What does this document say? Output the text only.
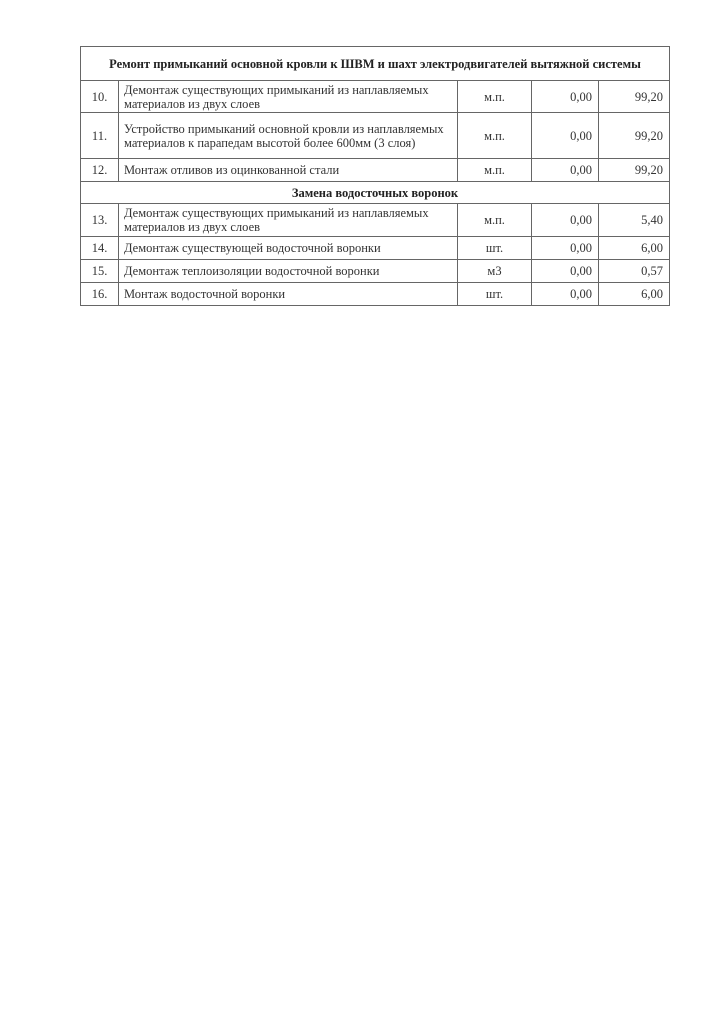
Ремонт примыканий основной кровли к ШВМ и шахт электродвигателей вытяжной системы				
10.	Демонтаж существующих примыканий из наплавляемых материалов из двух слоев	м.п.	0,00	99,20
11.	Устройство примыканий основной кровли из наплавляемых материалов к парапедам высотой более 600мм (3 слоя)	м.п.	0,00	99,20
12.	Монтаж отливов из оцинкованной стали	м.п.	0,00	99,20
Замена водосточных воронок				
13.	Демонтаж существующих примыканий из наплавляемых материалов из двух слоев	м.п.	0,00	5,40
14.	Демонтаж существующей водосточной воронки	шт.	0,00	6,00
15.	Демонтаж теплоизоляции водосточной воронки	м3	0,00	0,57
16.	Монтаж водосточной воронки	шт.	0,00	6,00
